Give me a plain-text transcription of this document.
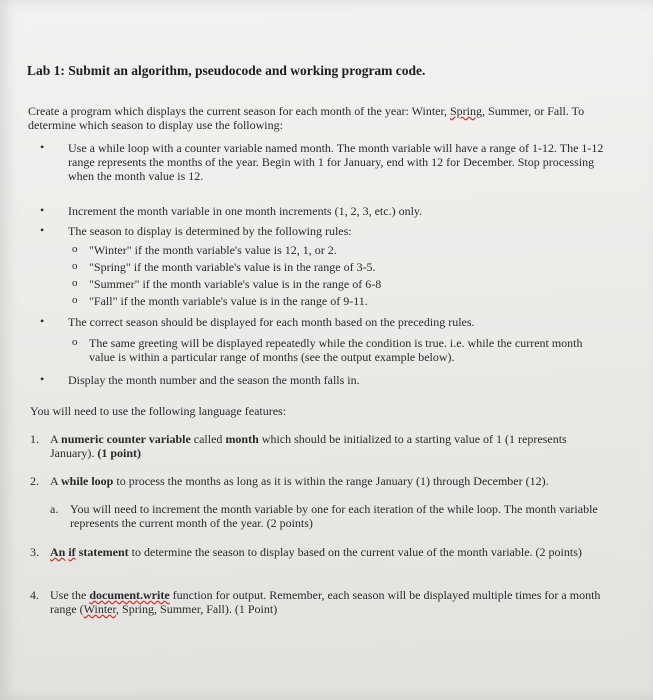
Lab 1: Submit an algorithm, pseudocode and working program code.
Create a program which displays the current season for each month of the year: Winter, Spring, Summer, or Fall. To determine which season to display use the following:
• Use a while loop with a counter variable named month. The month variable will have a range of 1-12. The 1-12 range represents the months of the year. Begin with 1 for January, end with 12 for December. Stop processing when the month value is 12.
• Increment the month variable in one month increments (1, 2, 3, etc.) only.
• The season to display is determined by the following rules:
o "Winter" if the month variable's value is 12, 1, or 2.
o "Spring" if the month variable's value is in the range of 3-5.
o "Summer" if the month variable's value is in the range of 6-8
o "Fall" if the month variable's value is in the range of 9-11.
• The correct season should be displayed for each month based on the preceding rules.
o The same greeting will be displayed repeatedly while the condition is true. i.e. while the current month value is within a particular range of months (see the output example below).
• Display the month number and the season the month falls in.
You will need to use the following language features:
1. A numeric counter variable called month which should be initialized to a starting value of 1 (1 represents January). (1 point)
2. A while loop to process the months as long as it is within the range January (1) through December (12).
a. You will need to increment the month variable by one for each iteration of the while loop. The month variable represents the current month of the year. (2 points)
3. An if statement to determine the season to display based on the current value of the month variable. (2 points)
4. Use the document.write function for output. Remember, each season will be displayed multiple times for a month range (Winter, Spring, Summer, Fall). (1 Point)
